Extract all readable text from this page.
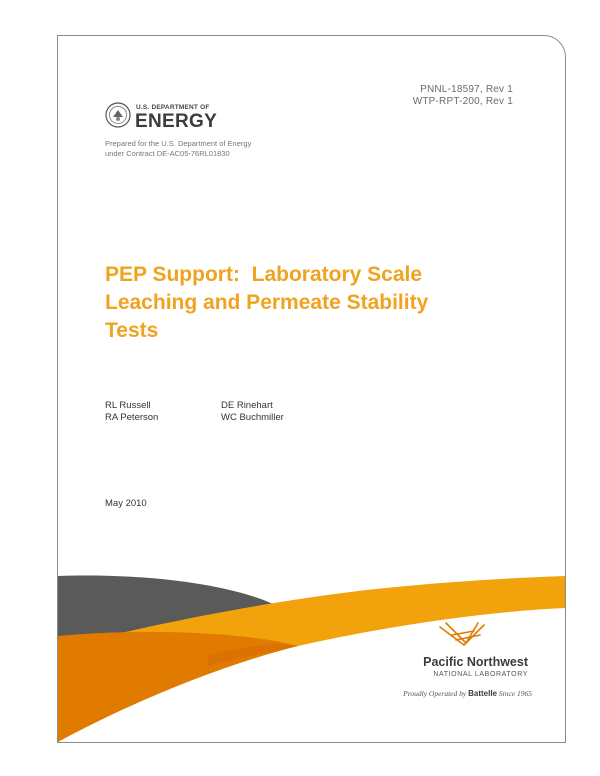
PNNL-18597, Rev 1
WTP-RPT-200, Rev 1
U.S. DEPARTMENT OF
ENERGY
Prepared for the U.S. Department of Energy
under Contract DE-AC05-76RL01830
PEP Support:  Laboratory Scale
Leaching and Permeate Stability
Tests
RL Russell
RA Peterson
DE Rinehart
WC Buchmiller
May 2010
Pacific Northwest
NATIONAL LABORATORY
Proudly Operated by Battelle Since 1965
